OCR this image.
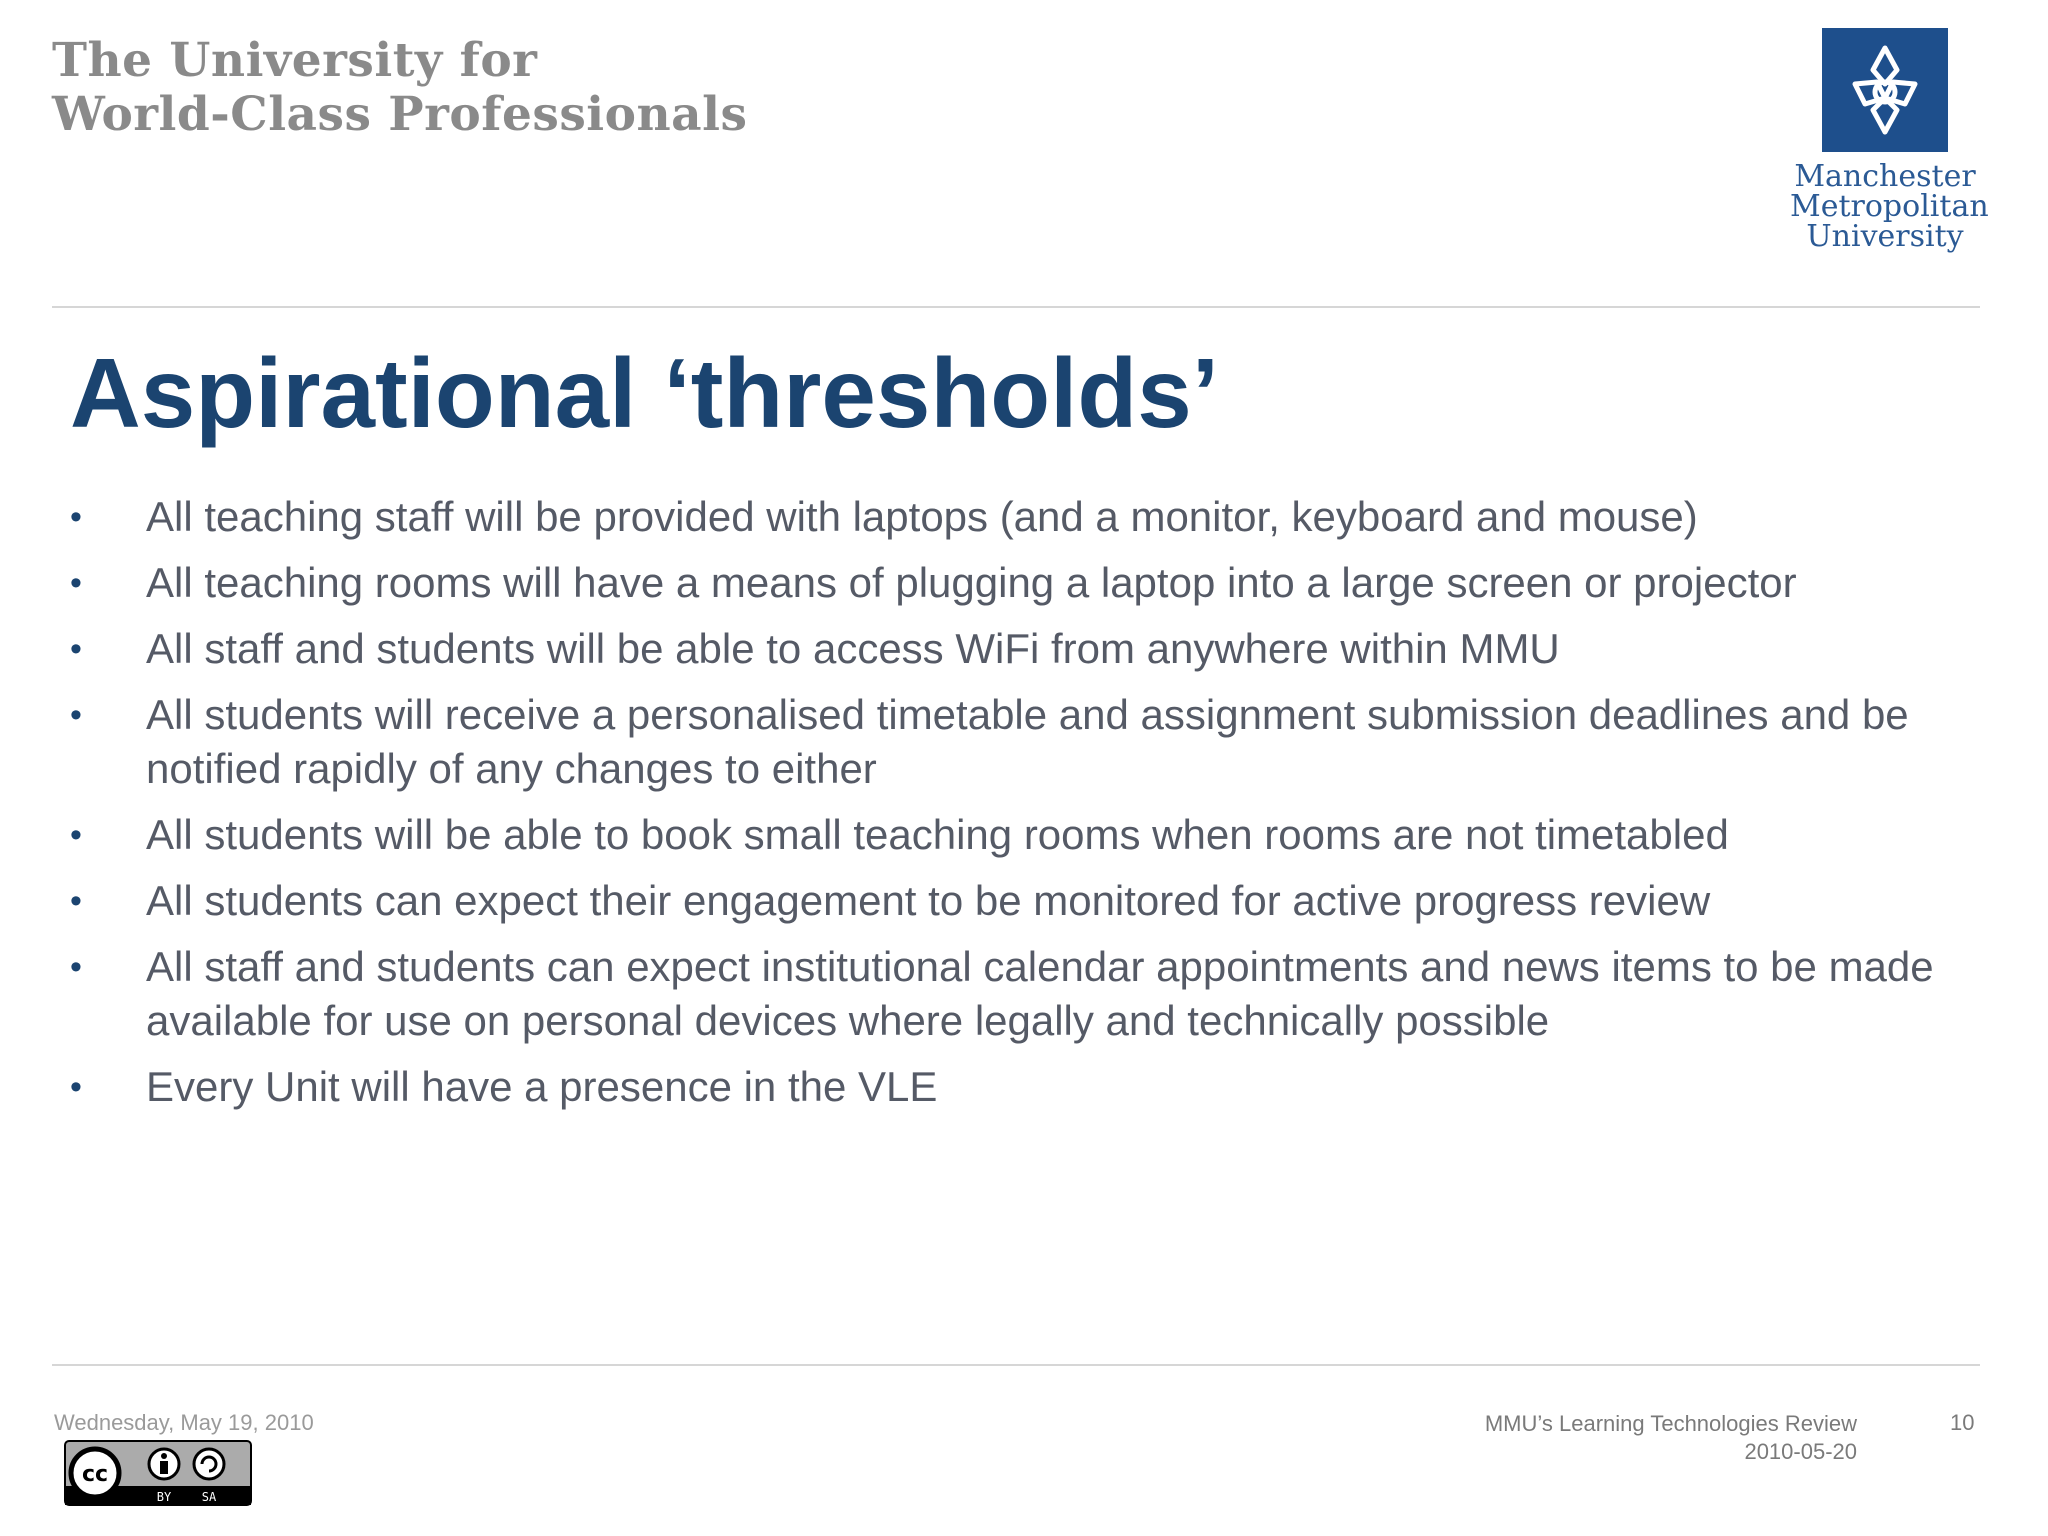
The University for
World-Class Professionals
Manchester
Metropolitan
University
Aspirational ‘thresholds’
•	All teaching staff will be provided with laptops (and a monitor, keyboard and mouse)
•	All teaching rooms will have a means of plugging a laptop into a large screen or projector
•	All staff and students will be able to access WiFi from anywhere within MMU
•	All students will receive a personalised timetable and assignment submission deadlines and be notified rapidly of any changes to either
•	All students will be able to book small teaching rooms when rooms are not timetabled
•	All students can expect their engagement to be monitored for active progress review
•	All staff and students can expect institutional calendar appointments and news items to be made available for use on personal devices where legally and technically possible
•	Every Unit will have a presence in the VLE
Wednesday, May 19, 2010	MMU’s Learning Technologies Review
2010-05-20
10
cc
BY	SA
